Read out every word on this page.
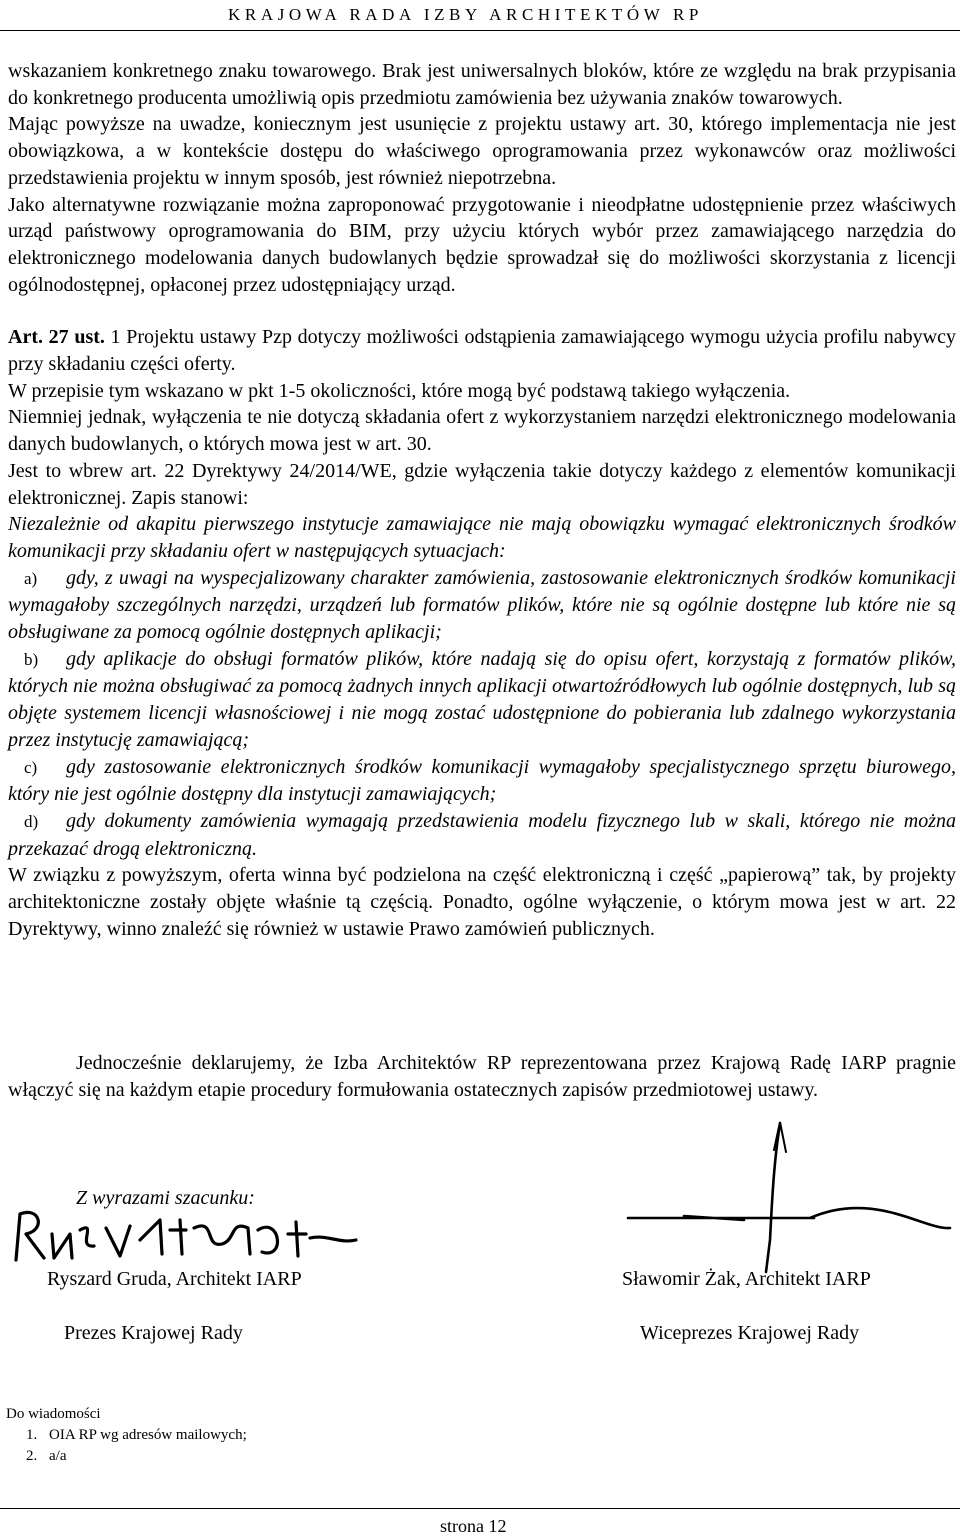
KRAJOWA RADA IZBY ARCHITEKTÓW RP

wskazaniem konkretnego znaku towarowego. Brak jest uniwersalnych bloków, które ze względu na brak przypisania do konkretnego producenta umożliwią opis przedmiotu zamówienia bez używania znaków towarowych.

Mając powyższe na uwadze, koniecznym jest usunięcie z projektu ustawy art. 30, którego implementacja nie jest obowiązkowa, a w kontekście dostępu do właściwego oprogramowania przez wykonawców oraz możliwości przedstawienia projektu w innym sposób, jest również niepotrzebna.

Jako alternatywne rozwiązanie można zaproponować przygotowanie i nieodpłatne udostępnienie przez właściwych urząd państwowy oprogramowania do BIM, przy użyciu których wybór przez zamawiającego narzędzia do elektronicznego modelowania danych budowlanych będzie sprowadzał się do możliwości skorzystania z licencji ogólnodostępnej, opłaconej przez udostępniający urząd.

Art. 27 ust. 1 Projektu ustawy Pzp dotyczy możliwości odstąpienia zamawiającego wymogu użycia profilu nabywcy przy składaniu części oferty.

W przepisie tym wskazano w pkt 1-5 okoliczności, które mogą być podstawą takiego wyłączenia.

Niemniej jednak, wyłączenia te nie dotyczą składania ofert z wykorzystaniem narzędzi elektronicznego modelowania danych budowlanych, o których mowa jest w art. 30.

Jest to wbrew art. 22 Dyrektywy 24/2014/WE, gdzie wyłączenia takie dotyczy każdego z elementów komunikacji elektronicznej. Zapis stanowi:

Niezależnie od akapitu pierwszego instytucje zamawiające nie mają obowiązku wymagać elektronicznych środków komunikacji przy składaniu ofert w następujących sytuacjach:

a) gdy, z uwagi na wyspecjalizowany charakter zamówienia, zastosowanie elektronicznych środków komunikacji wymagałoby szczególnych narzędzi, urządzeń lub formatów plików, które nie są ogólnie dostępne lub które nie są obsługiwane za pomocą ogólnie dostępnych aplikacji;

b) gdy aplikacje do obsługi formatów plików, które nadają się do opisu ofert, korzystają z formatów plików, których nie można obsługiwać za pomocą żadnych innych aplikacji otwartoźródłowych lub ogólnie dostępnych, lub są objęte systemem licencji własnościowej i nie mogą zostać udostępnione do pobierania lub zdalnego wykorzystania przez instytucję zamawiającą;

c) gdy zastosowanie elektronicznych środków komunikacji wymagałoby specjalistycznego sprzętu biurowego, który nie jest ogólnie dostępny dla instytucji zamawiających;

d) gdy dokumenty zamówienia wymagają przedstawienia modelu fizycznego lub w skali, którego nie można przekazać drogą elektroniczną.

W związku z powyższym, oferta winna być podzielona na część elektroniczną i część „papierową” tak, by projekty architektoniczne zostały objęte właśnie tą częścią. Ponadto, ogólne wyłączenie, o którym mowa jest w art. 22 Dyrektywy, winno znaleźć się również w ustawie Prawo zamówień publicznych.

Jednocześnie deklarujemy, że Izba Architektów RP reprezentowana przez Krajową Radę IARP pragnie włączyć się na każdym etapie procedury formułowania ostatecznych zapisów przedmiotowej ustawy.

Z wyrazami szacunku:
Ryszard Gruda, Architekt IARP
Prezes Krajowej Rady
Sławomir Żak, Architekt IARP
Wiceprezes Krajowej Rady
Do wiadomości
1. OIA RP wg adresów mailowych;
2. a/a
strona 12
